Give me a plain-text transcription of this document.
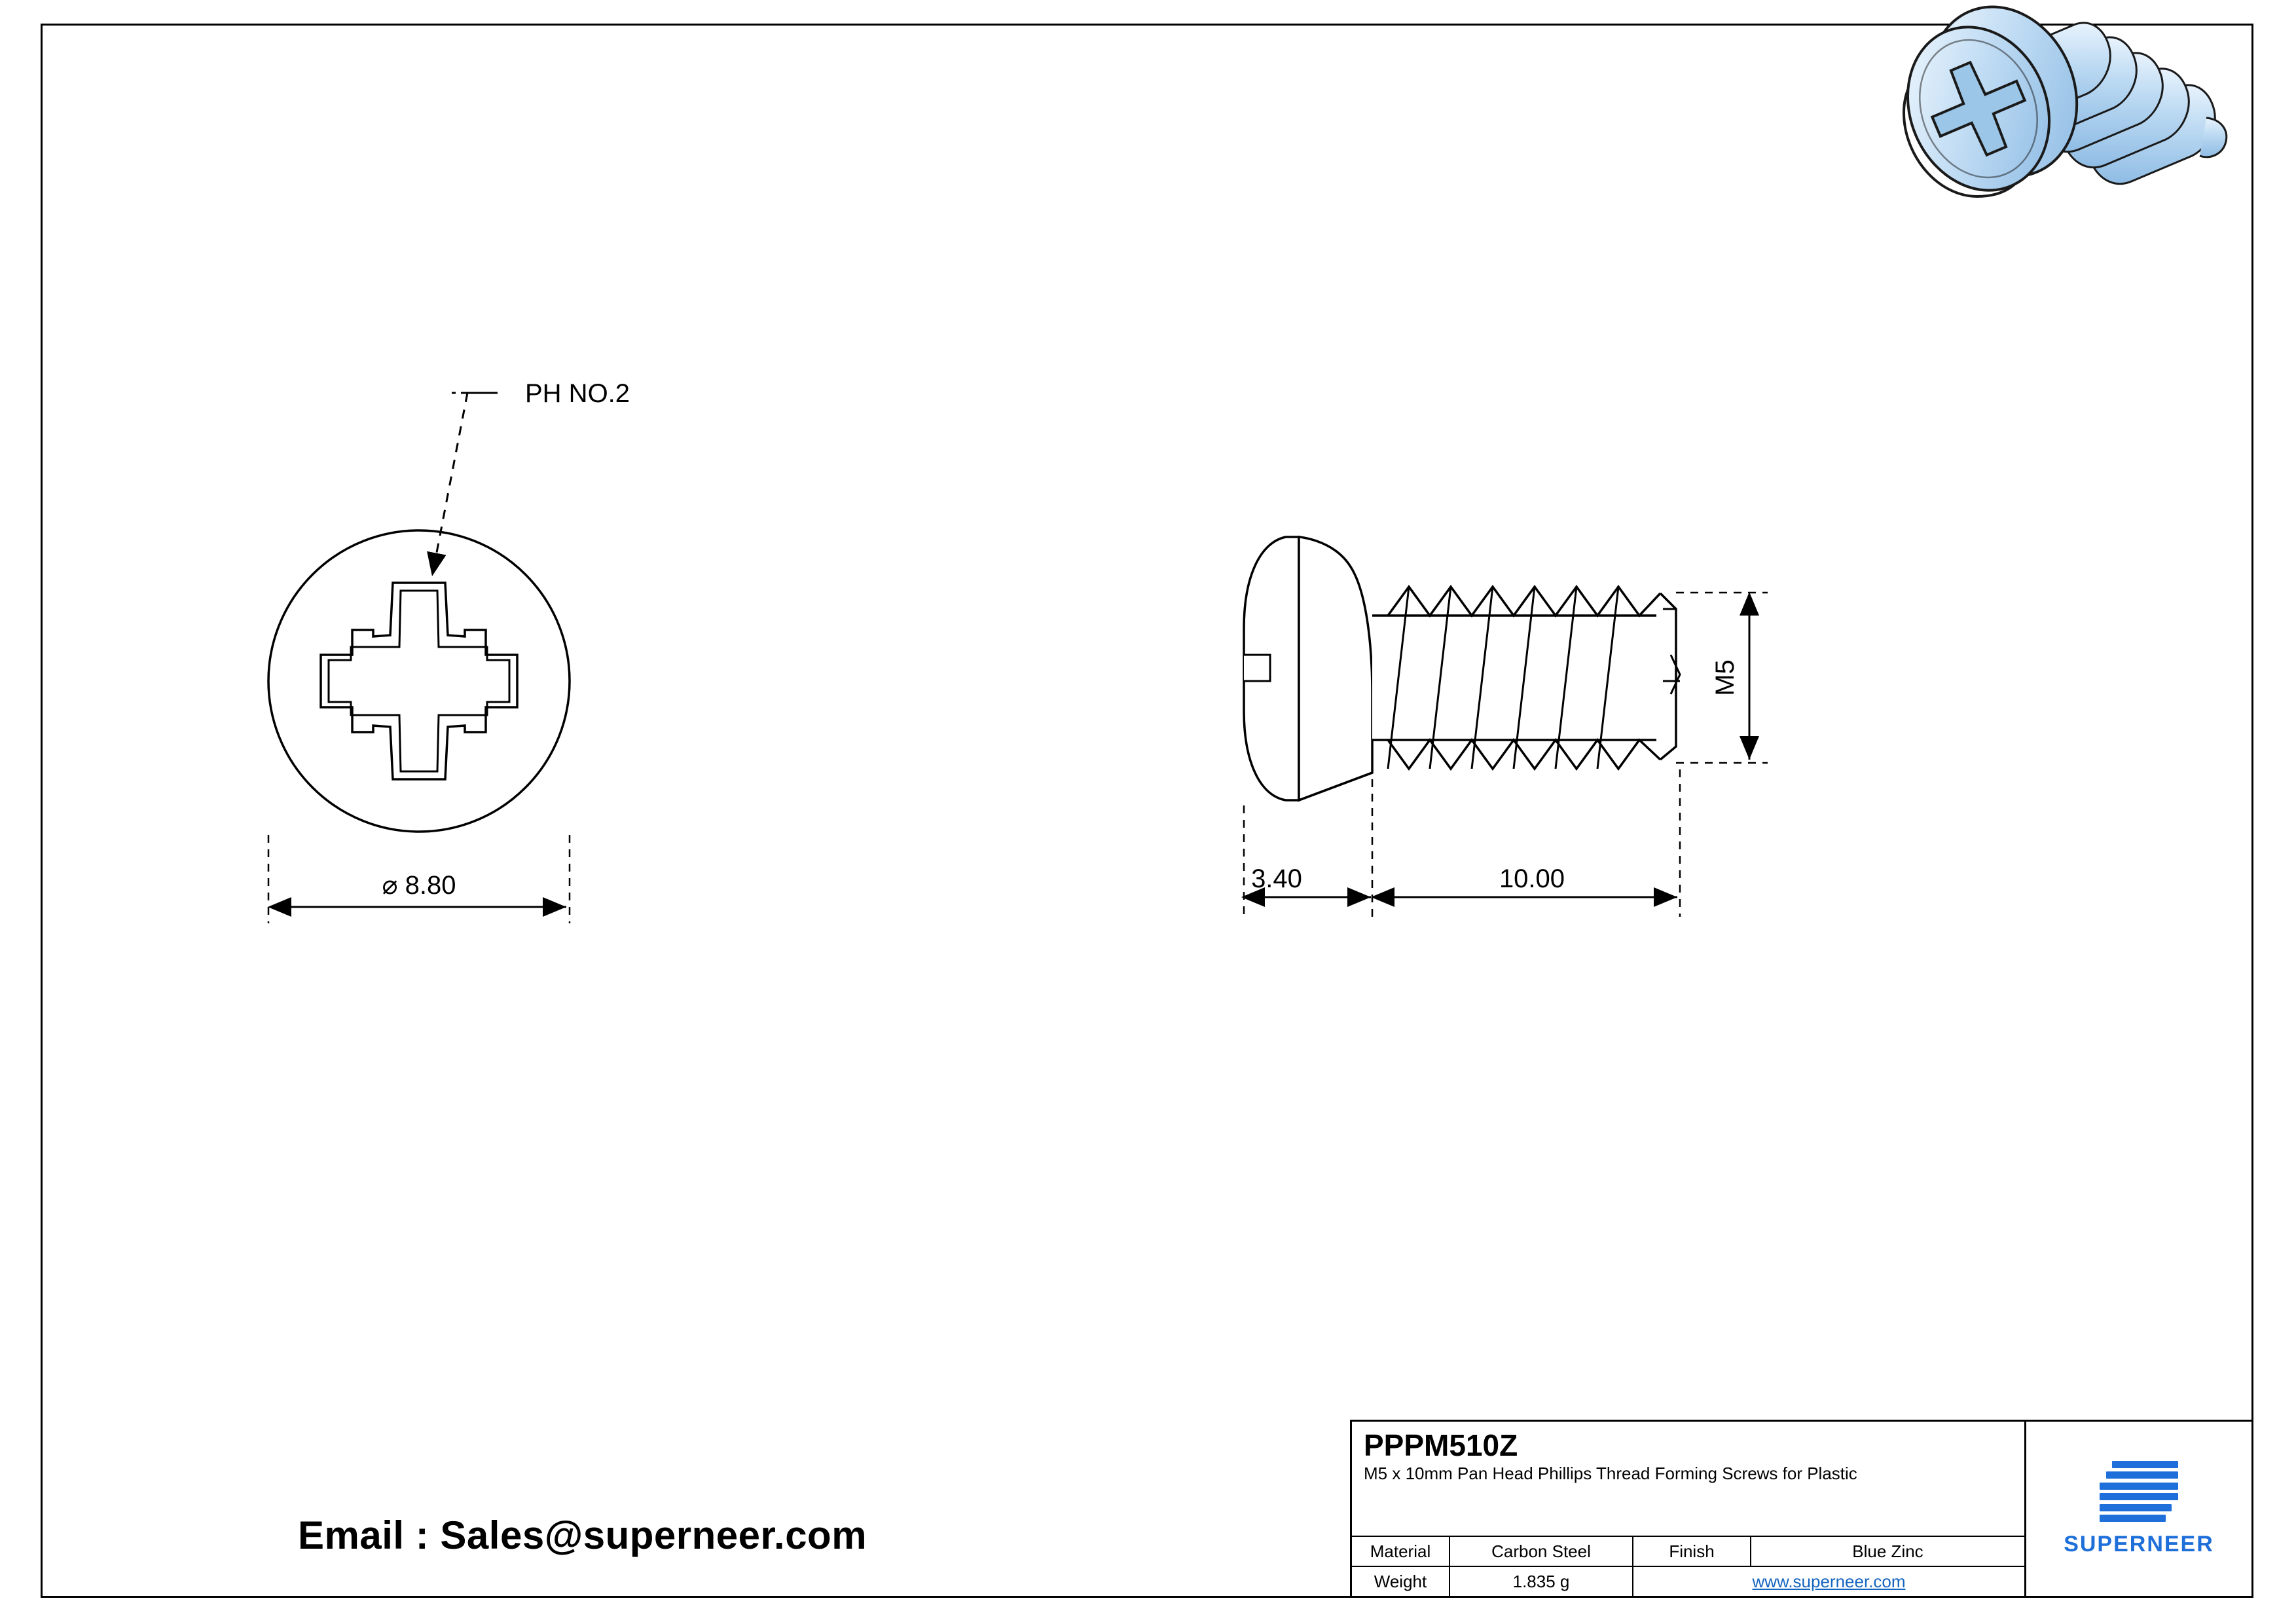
PH NO.2
⌀ 8.80	3.40	10.00
M5
Email : Sales@superneer.com
PPPM510Z
M5 x 10mm Pan Head Phillips Thread Forming Screws for Plastic
Material	Carbon Steel	Finish	Blue Zinc
Weight	1.835 g	www.superneer.com
SUPERNEER
